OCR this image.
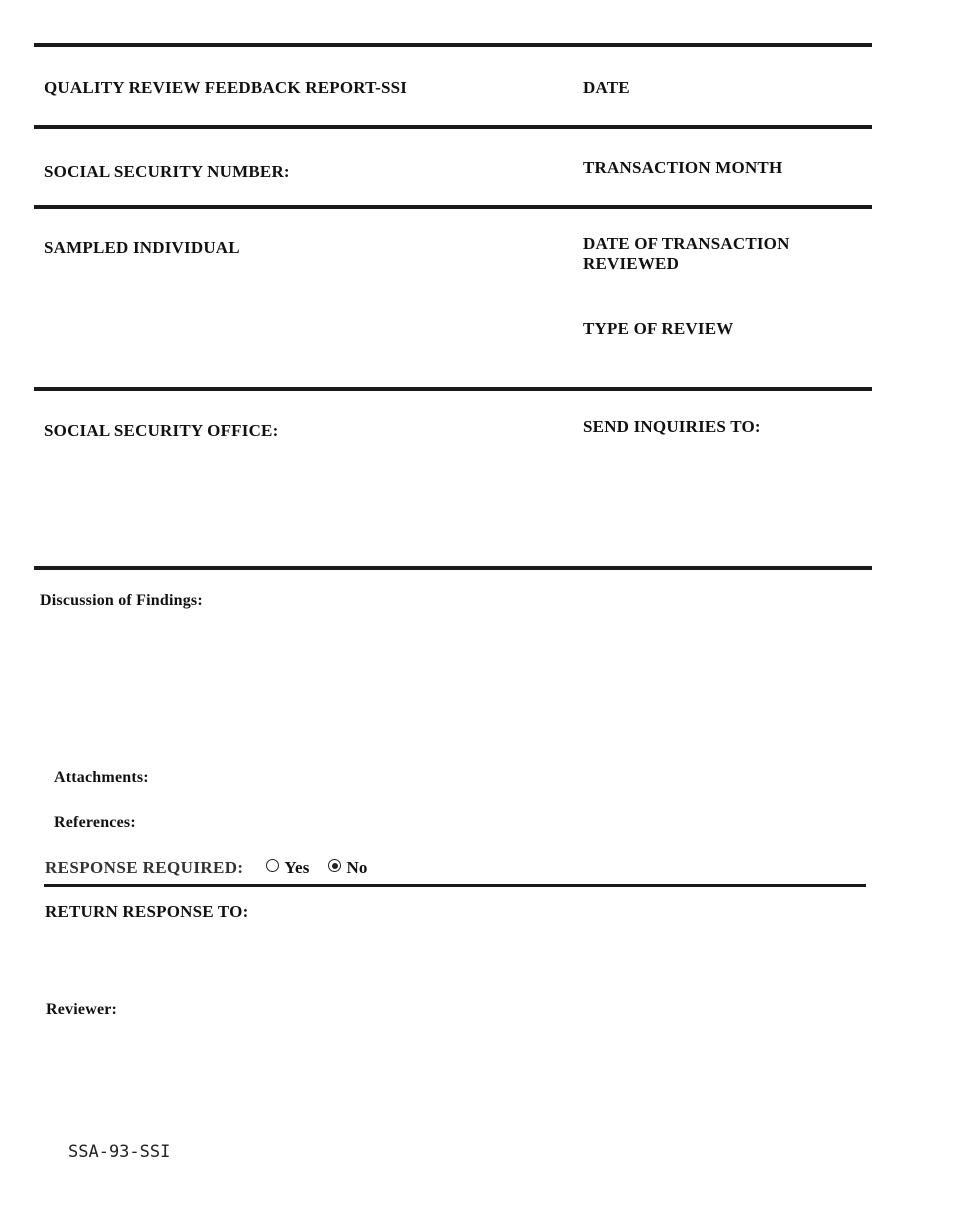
QUALITY REVIEW FEEDBACK REPORT-SSI	DATE
SOCIAL SECURITY NUMBER:	TRANSACTION MONTH
SAMPLED INDIVIDUAL	DATE OF TRANSACTION
REVIEWED
TYPE OF REVIEW
SOCIAL SECURITY OFFICE:	SEND INQUIRIES TO:
Discussion of Findings:
Attachments:
References:
RESPONSE REQUIRED: Yes No
RETURN RESPONSE TO:
Reviewer:
SSA-93-SSI
